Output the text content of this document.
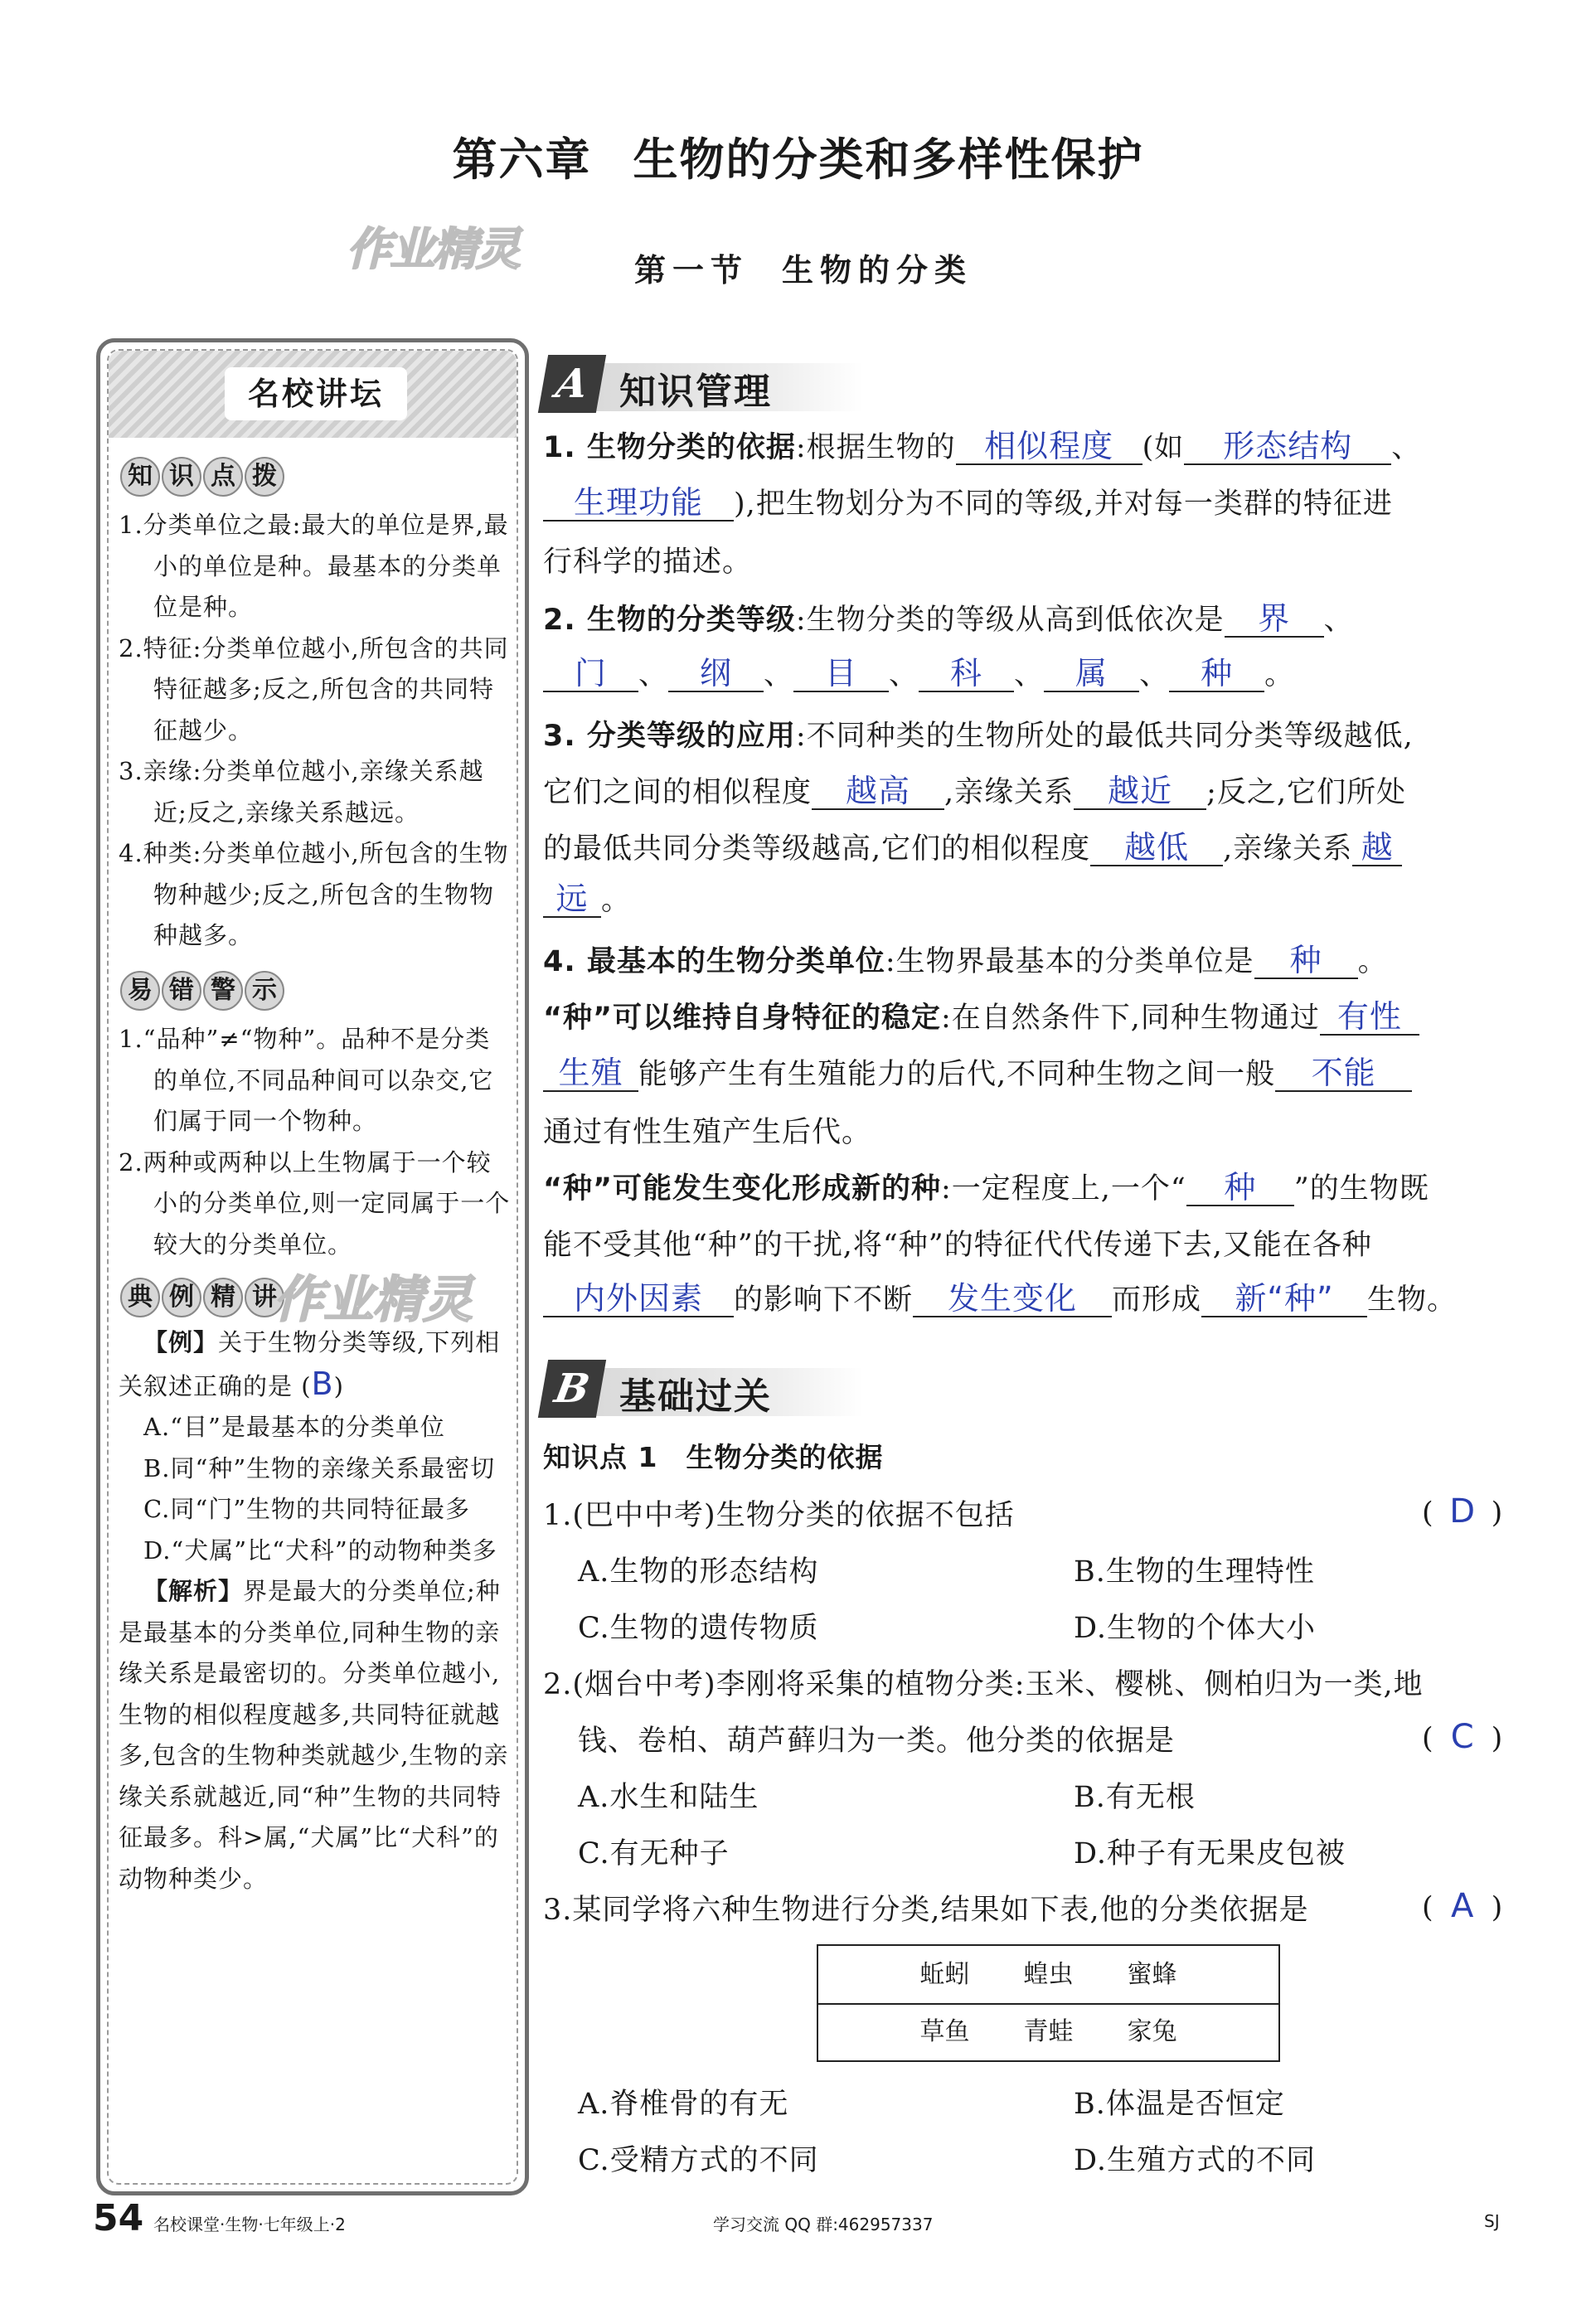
第六章 生物的分类和多样性保护
作业精灵	第一节 生物的分类
名校讲坛
知 识 点 拨

1.分类单位之最:最大的单位是界,最小的单位是种。最基本的分类单位是种。

2.特征:分类单位越小,所包含的共同特征越多;反之,所包含的共同特征越少。

3.亲缘:分类单位越小,亲缘关系越近;反之,亲缘关系越远。

4.种类:分类单位越小,所包含的生物物种越少;反之,所包含的生物物种越多。

易 错 警 示

1.“品种”≠“物种”。品种不是分类的单位,不同品种间可以杂交,它们属于同一个物种。

2.两种或两种以上生物属于一个较小的分类单位,则一定同属于一个较大的分类单位。

典 例 精 讲

【例】关于生物分类等级,下列相关叙述正确的是 (B)

A.“目”是最基本的分类单位

B.同“种”生物的亲缘关系最密切

C.同“门”生物的共同特征最多

D.“犬属”比“犬科”的动物种类多

【解析】界是最大的分类单位;种是最基本的分类单位,同种生物的亲缘关系是最密切的。分类单位越小,生物的相似程度越多,共同特征就越多,包含的生物种类就越少,生物的亲缘关系就越近,同“种”生物的共同特征最多。科>属,“犬属”比“犬科”的动物种类少。

作业精灵
A 知识管理
1. 生物分类的依据:根据生物的 相似程度 (如 形态结构 、
生理功能 ),把生物划分为不同的等级,并对每一类群的特征进
行科学的描述。
2. 生物的分类等级:生物分类的等级从高到低依次是 界 、
门 、 纲 、 目 、 科 、 属 、 种 。
3. 分类等级的应用:不同种类的生物所处的最低共同分类等级越低,
它们之间的相似程度 越高 ,亲缘关系 越近 ;反之,它们所处
的最低共同分类等级越高,它们的相似程度 越低 ,亲缘关系 越
远 。
4. 最基本的生物分类单位:生物界最基本的分类单位是 种 。
“种”可以维持自身特征的稳定:在自然条件下,同种生物通过 有性
生殖 能够产生有生殖能力的后代,不同种生物之间一般 不能
通过有性生殖产生后代。
“种”可能发生变化形成新的种:一定程度上,一个“ 种 ”的生物既
能不受其他“种”的干扰,将“种”的特征代代传递下去,又能在各种
内外因素 的影响下不断 发生变化 而形成 新“种” 生物。
B 基础过关
知识点 1　生物分类的依据
1.(巴中中考)生物分类的依据不包括	( D )
A.生物的形态结构	B.生物的生理特性
C.生物的遗传物质	D.生物的个体大小
2.(烟台中考)李刚将采集的植物分类:玉米、樱桃、侧柏归为一类,地
钱、卷柏、葫芦藓归为一类。他分类的依据是	( C )
A.水生和陆生	B.有无根
C.有无种子	D.种子有无果皮包被
3.某同学将六种生物进行分类,结果如下表,他的分类依据是	( A )
蚯蚓 蝗虫 蜜蜂
草鱼 青蛙 家兔
A.脊椎骨的有无	B.体温是否恒定
C.受精方式的不同	D.生殖方式的不同
54 名校课堂·生物·七年级上·2	学习交流 QQ 群:462957337	SJ
